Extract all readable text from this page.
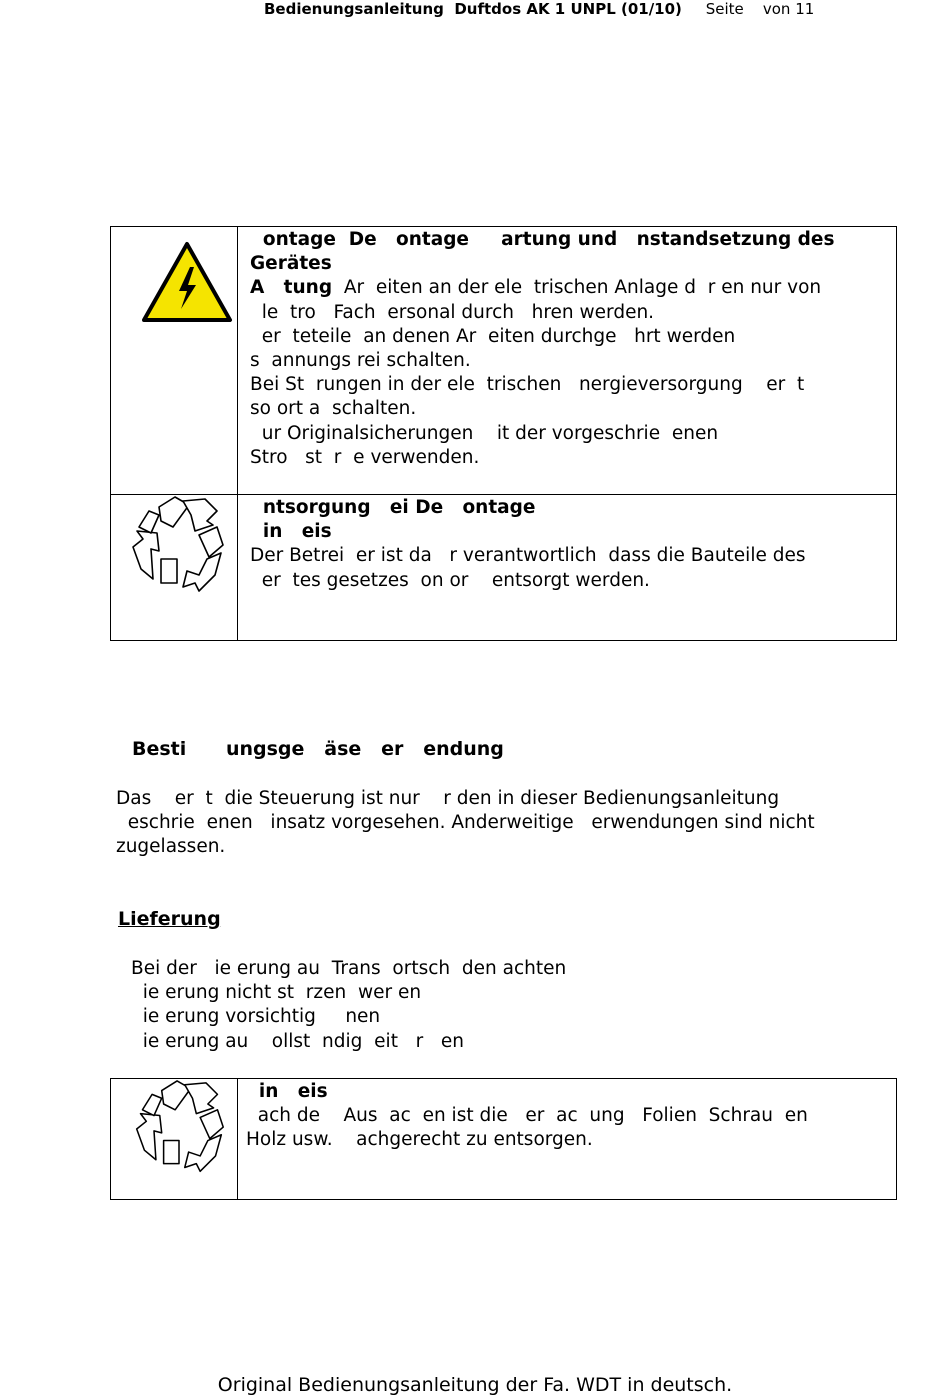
Bedienungsanleitung  Duftdos AK 1 UNPL (01/10) Seite von 11
ontage  De   ontage     artung und   nstandsetzung des
Gerätes
A   tung  Ar  eiten an der ele  trischen Anlage d  r en nur von
le  tro   Fach  ersonal durch   hren werden.
er  teteile  an denen Ar  eiten durchge   hrt werden
s  annungs rei schalten.
Bei St  rungen in der ele  trischen   nergieversorgung    er  t
so ort a  schalten.
ur Originalsicherungen    it der vorgeschrie  enen
Stro   st  r  e verwenden.
ntsorgung   ei De   ontage
in   eis
Der Betrei  er ist da   r verantwortlich  dass die Bauteile des
er  tes gesetzes  on or    entsorgt werden.
Besti      ungsge   äse   er   endung
Das    er  t  die Steuerung ist nur    r den in dieser Bedienungsanleitung
eschrie  enen   insatz vorgesehen. Anderweitige   erwendungen sind nicht
zugelassen.
Lieferung
Bei der   ie erung au  Trans  ortsch  den achten
ie erung nicht st  rzen  wer en
ie erung vorsichtig     nen
ie erung au    ollst  ndig  eit   r   en
in   eis
ach de    Aus  ac  en ist die   er  ac  ung   Folien  Schrau  en
Holz usw.    achgerecht zu entsorgen.
Original Bedienungsanleitung der Fa. WDT in deutsch.
